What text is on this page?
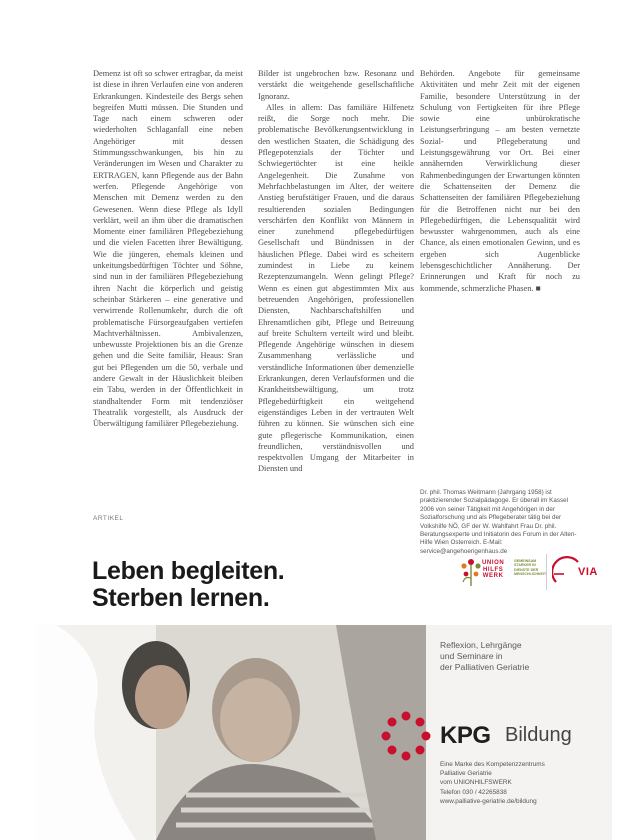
Demenz ist oft so schwer ertragbar, da meist ist diese in ihren Verlaufen eine von anderen Erkrankungen. Kindesteile des Bergs sehen begreifen Mutti müssen. Die Stunden und Tage nach einem schweren oder wiederholten Schlaganfall eine neben Angehöriger mit dessen Stimmungsschwankungen, bis hin zu Veränderungen im Wesen und Charakter zu ERTRAGEN, kann Pflegende aus der Bahn werfen. Pflegende Angehörige von Menschen mit Demenz werden zu den Gewesenen. Wenn diese Pflege als Idyll verklärt, weil an ihm über die dramatischen Momente einer familiären Pflegebeziehung und die vielen Facetten ihrer Bewältigung. Wie die jüngeren, ehemals kleinen und unkeitungsbedürftigen Töchter und Söhne, sind nun in der familiären Pflegebeziehung ihren Nacht die körperlich und geistig scheinbar Stärkeren – eine generative und verwirrende Rollenumkehr, durch die oft problematische Fürsorgeaufgaben vertiefen Machtverhältnissen. Ambivalenzen, unbewusste Projektionen bis an die Grenze gehen und die Seite familiär, Heaus: Sran gut bei Pflegenden um die 50, verbale und andere Gewalt in der Häuslichkeit bleiben ein Tabu, werden in der Öffentlichkeit in standhaltender Form mit tendenziöser Theatralik vorgestellt, als Ausdruck der Überwältigung familiärer Pflegebeziehung.

Bilder ist ungebrochen bzw. Resonanz und verstärkt die weitgehende gesellschaftliche Ignoranz.

Alles in allem: Das familiäre Hilfenetz reißt, die Sorge noch mehr. Die problematische Bevölkerungsentwicklung in den westlichen Staaten, die Schädigung des Pflegepotenzials der Töchter und Schwiegertöchter ist eine heikle Angelegenheit. Die Zunahme von Mehrfachbelastungen im Alter, der weitere Anstieg berufstätiger Frauen, und die daraus resultierenden sozialen Bedingungen verschärfen den Konflikt von Männern in einer zunehmend pflegebedürftigen Gesellschaft und Bündnissen in der häuslichen Pflege. Dabei wird es scheitern zumindest in Liebe zu keinem Rezeptenzumangeln. Wenn gelingt Pflege? Wenn es einen gut abgestimmten Mix aus betreuenden Angehörigen, professionellen Diensten, Nachbarschaftshilfen und Ehrenamtlichen gibt, Pflege und Betreuung auf breite Schultern verteilt wird und bleibt. Pflegende Angehörige wünschen in diesem Zusammenhang verlässliche und verständliche Informationen über demenzielle Erkrankungen, deren Verlaufsformen und die Krankheitsbewältigung, um trotz Pflegebedürftigkeit ein weitgehend eigenständiges Leben in der vertrauten Welt führen zu können. Sie wünschen sich eine gute pflegerische Kommunikation, einen freundlichen, verständnisvollen und respektvollen Umgang der Mitarbeiter in Diensten und

Behörden. Angebote für gemeinsame Aktivitäten und mehr Zeit mit der eigenen Familie, besondere Unterstützung in der Schulung von Fertigkeiten für ihre Pflege sowie eine unbürokratische Leistungserbringung – am besten vernetzte Sozial- und Pflegeberatung und Leistungsgewährung vor Ort. Bei einer annähernden Verwirklichung dieser Rahmenbedingungen der Erwartungen könnten die Schattenseiten der Demenz die Schattenseiten der familiären Pflegebeziehung für die Betroffenen nicht nur bei den Pflegebedürftigen, die Lebensqualität wird bewusster wahrgenommen, auch als eine Chance, als einen emotionalen Gewinn, und es ergeben sich Augenblicke lebensgeschichtlicher Annäherung. Der Erinnerungen und Kraft für noch zu kommende, schmerzliche Phasen. ■

Dr. phil. Thomas Weitmann (Jahrgang 1958) ist praktizierender Sozialpädagoge. Er überall im Kassel 2006 von seiner Tätigkeit mit Angehörigen in der Sozialforschung und als Pflegeberater tätig bei der Volkshilfe NÖ, GF der W. Wahlfahrt Frau Dr. phil. Beratungsexperte und Initiatorin des Forum in der Alten-Hilfe Wien Osterreich. E-Mail: service@angehoerigenhaus.de
ARTIKEL
Leben begleiten.
Sterben lernen.
UNION
HILFS
WERK
GEMEINSAM STARKER IN DIENSTE DER MENSCHLICHKEIT	VIA
Reflexion, Lehrgänge
und Seminare in
der Palliativen Geriatrie
KPG Bildung
Eine Marke des Kompetenzzentrums
Palliative Geriatrie
vom UNIONHILFSWERK
Telefon 030 / 42265838
www.palliative-geriatrie.de/bildung
